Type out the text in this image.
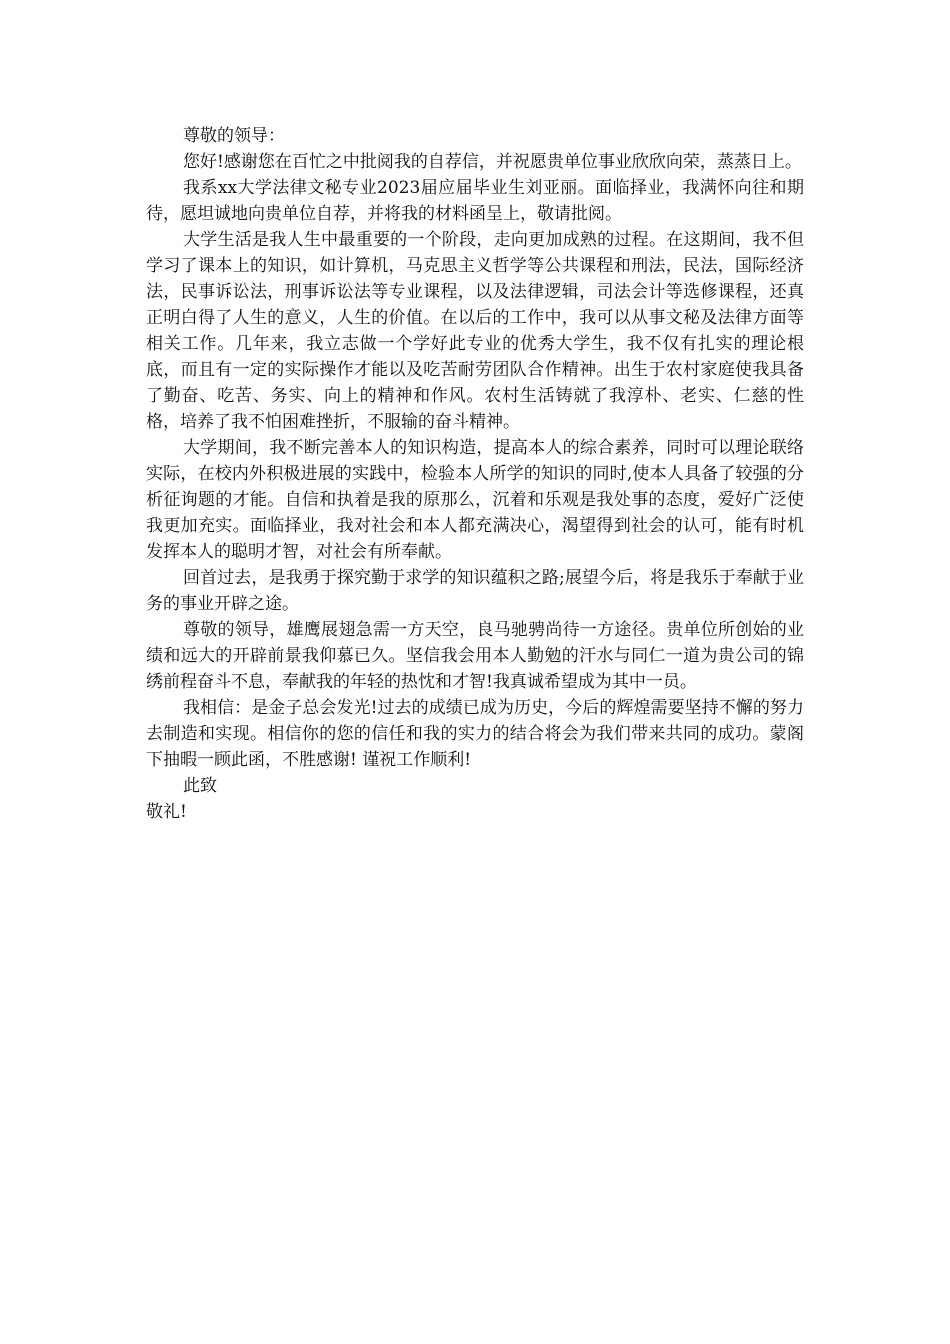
尊敬的领导：

您好!感谢您在百忙之中批阅我的自荐信，并祝愿贵单位事业欣欣向荣，蒸蒸日上。

我系xx大学法律文秘专业2023届应届毕业生刘亚丽。面临择业，我满怀向往和期待，愿坦诚地向贵单位自荐，并将我的材料函呈上，敬请批阅。

大学生活是我人生中最重要的一个阶段，走向更加成熟的过程。在这期间，我不但学习了课本上的知识，如计算机，马克思主义哲学等公共课程和刑法，民法，国际经济法，民事诉讼法，刑事诉讼法等专业课程，以及法律逻辑，司法会计等选修课程，还真正明白得了人生的意义，人生的价值。在以后的工作中，我可以从事文秘及法律方面等相关工作。几年来，我立志做一个学好此专业的优秀大学生，我不仅有扎实的理论根底，而且有一定的实际操作才能以及吃苦耐劳团队合作精神。出生于农村家庭使我具备了勤奋、吃苦、务实、向上的精神和作风。农村生活铸就了我淳朴、老实、仁慈的性格，培养了我不怕困难挫折，不服输的奋斗精神。

大学期间，我不断完善本人的知识构造，提高本人的综合素养，同时可以理论联络实际，在校内外积极进展的实践中，检验本人所学的知识的同时,使本人具备了较强的分析征询题的才能。自信和执着是我的原那么，沉着和乐观是我处事的态度，爱好广泛使我更加充实。面临择业，我对社会和本人都充满决心，渴望得到社会的认可，能有时机发挥本人的聪明才智，对社会有所奉献。

回首过去，是我勇于探究勤于求学的知识蕴积之路;展望今后，将是我乐于奉献于业务的事业开辟之途。

尊敬的领导，雄鹰展翅急需一方天空，良马驰骋尚待一方途径。贵单位所创始的业绩和远大的开辟前景我仰慕已久。坚信我会用本人勤勉的汗水与同仁一道为贵公司的锦绣前程奋斗不息，奉献我的年轻的热忱和才智!我真诚希望成为其中一员。

我相信：是金子总会发光!过去的成绩已成为历史，今后的辉煌需要坚持不懈的努力去制造和实现。相信你的您的信任和我的实力的结合将会为我们带来共同的成功。蒙阁下抽暇一顾此函，不胜感谢! 谨祝工作顺利!

此致

敬礼!
